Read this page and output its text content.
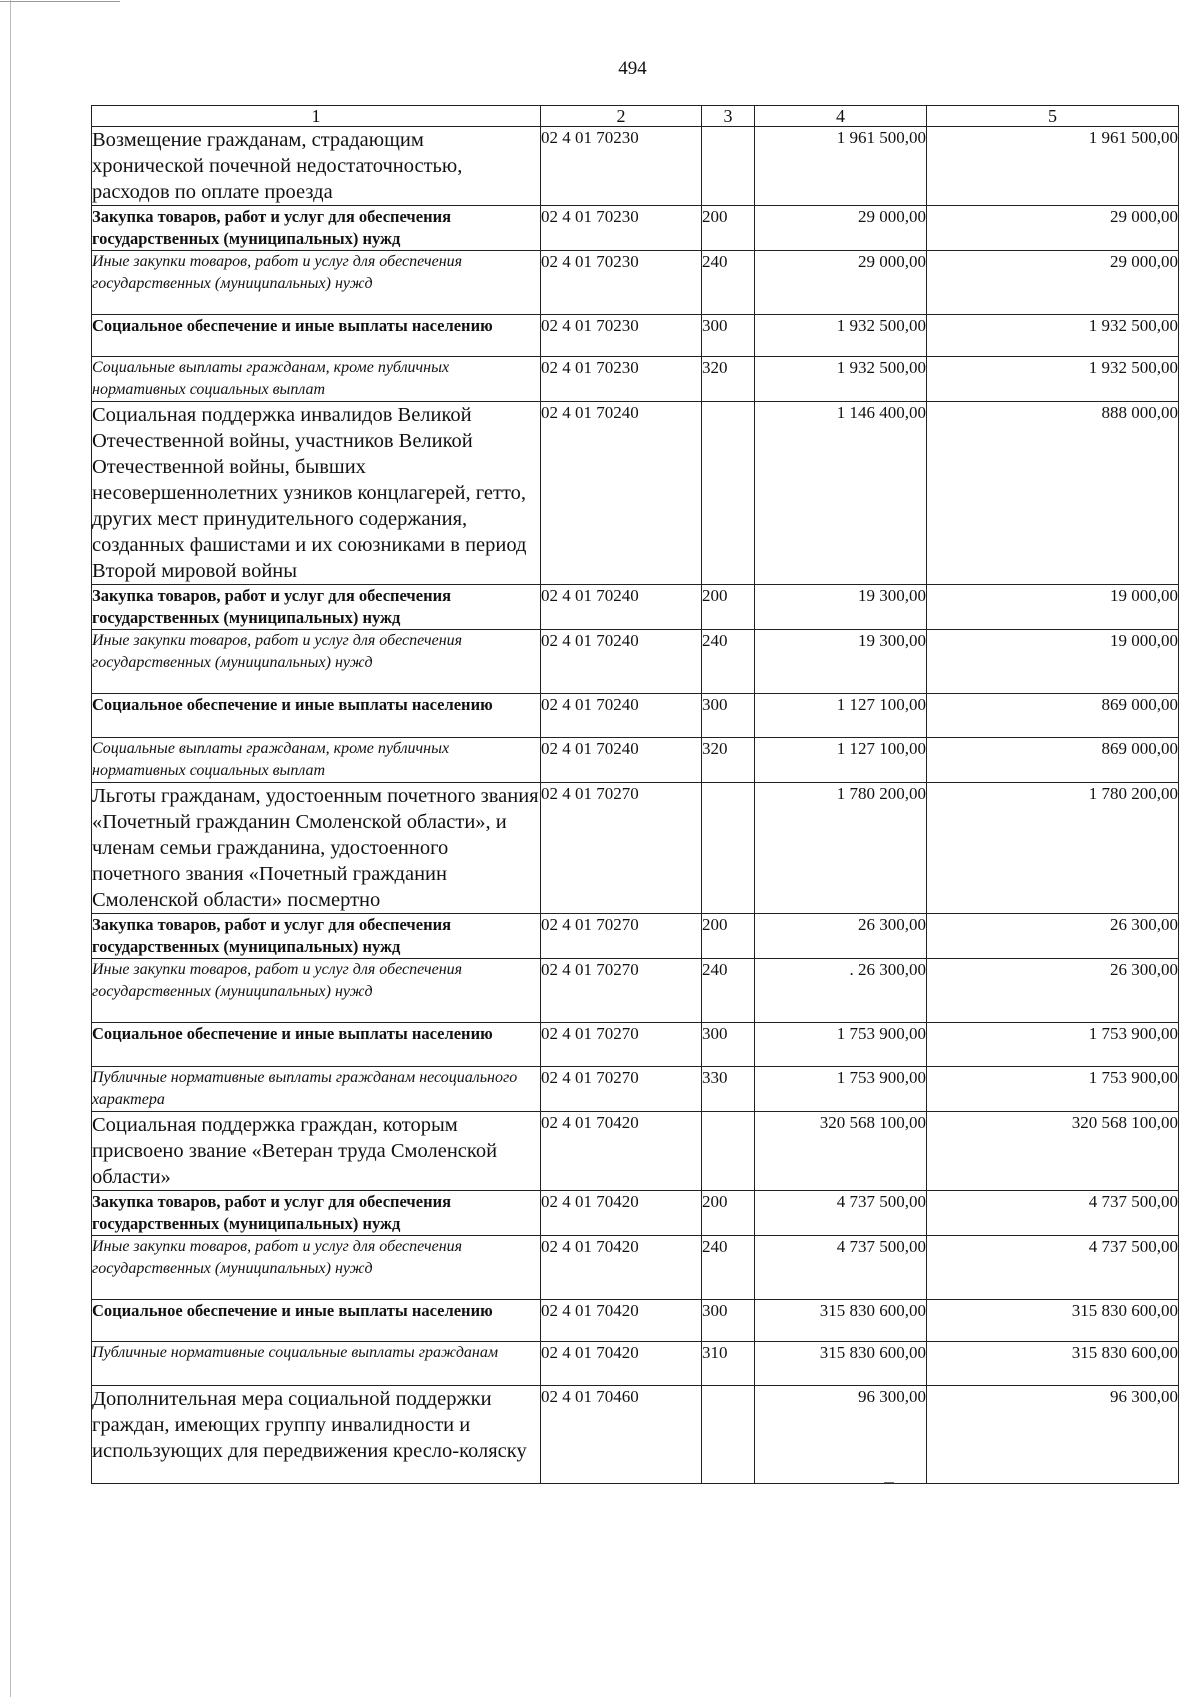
494
1	2	3	4	5
Возмещение гражданам, страдающим хронической почечной недостаточностью, расходов по оплате проезда	02 4 01 70230		1 961 500,00	1 961 500,00
Закупка товаров, работ и услуг для обеспечения государственных (муниципальных) нужд	02 4 01 70230	200	29 000,00	29 000,00
Иные закупки товаров, работ и услуг для обеспечения государственных (муниципальных) нужд	02 4 01 70230	240	29 000,00	29 000,00
Социальное обеспечение и иные выплаты населению	02 4 01 70230	300	1 932 500,00	1 932 500,00
Социальные выплаты гражданам, кроме публичных нормативных социальных выплат	02 4 01 70230	320	1 932 500,00	1 932 500,00
Социальная поддержка инвалидов Великой Отечественной войны, участников Великой Отечественной войны, бывших несовершеннолетних узников концлагерей, гетто, других мест принудительного содержания, созданных фашистами и их союзниками в период Второй мировой войны	02 4 01 70240		1 146 400,00	888 000,00
Закупка товаров, работ и услуг для обеспечения государственных (муниципальных) нужд	02 4 01 70240	200	19 300,00	19 000,00
Иные закупки товаров, работ и услуг для обеспечения государственных (муниципальных) нужд	02 4 01 70240	240	19 300,00	19 000,00
Социальное обеспечение и иные выплаты населению	02 4 01 70240	300	1 127 100,00	869 000,00
Социальные выплаты гражданам, кроме публичных нормативных социальных выплат	02 4 01 70240	320	1 127 100,00	869 000,00
Льготы гражданам, удостоенным почетного звания «Почетный гражданин Смоленской области», и членам семьи гражданина, удостоенного почетного звания «Почетный гражданин Смоленской области» посмертно	02 4 01 70270		1 780 200,00	1 780 200,00
Закупка товаров, работ и услуг для обеспечения государственных (муниципальных) нужд	02 4 01 70270	200	26 300,00	26 300,00
Иные закупки товаров, работ и услуг для обеспечения государственных (муниципальных) нужд	02 4 01 70270	240	. 26 300,00	26 300,00
Социальное обеспечение и иные выплаты населению	02 4 01 70270	300	1 753 900,00	1 753 900,00
Публичные нормативные выплаты гражданам несоциального характера	02 4 01 70270	330	1 753 900,00	1 753 900,00
Социальная поддержка граждан, которым присвоено звание «Ветеран труда Смоленской области»	02 4 01 70420		320 568 100,00	320 568 100,00
Закупка товаров, работ и услуг для обеспечения государственных (муниципальных) нужд	02 4 01 70420	200	4 737 500,00	4 737 500,00
Иные закупки товаров, работ и услуг для обеспечения государственных (муниципальных) нужд	02 4 01 70420	240	4 737 500,00	4 737 500,00
Социальное обеспечение и иные выплаты населению	02 4 01 70420	300	315 830 600,00	315 830 600,00
Публичные нормативные социальные выплаты гражданам	02 4 01 70420	310	315 830 600,00	315 830 600,00
Дополнительная мера социальной поддержки граждан, имеющих группу инвалидности и использующих для передвижения кресло-коляску	02 4 01 70460		96 300,00	96 300,00
